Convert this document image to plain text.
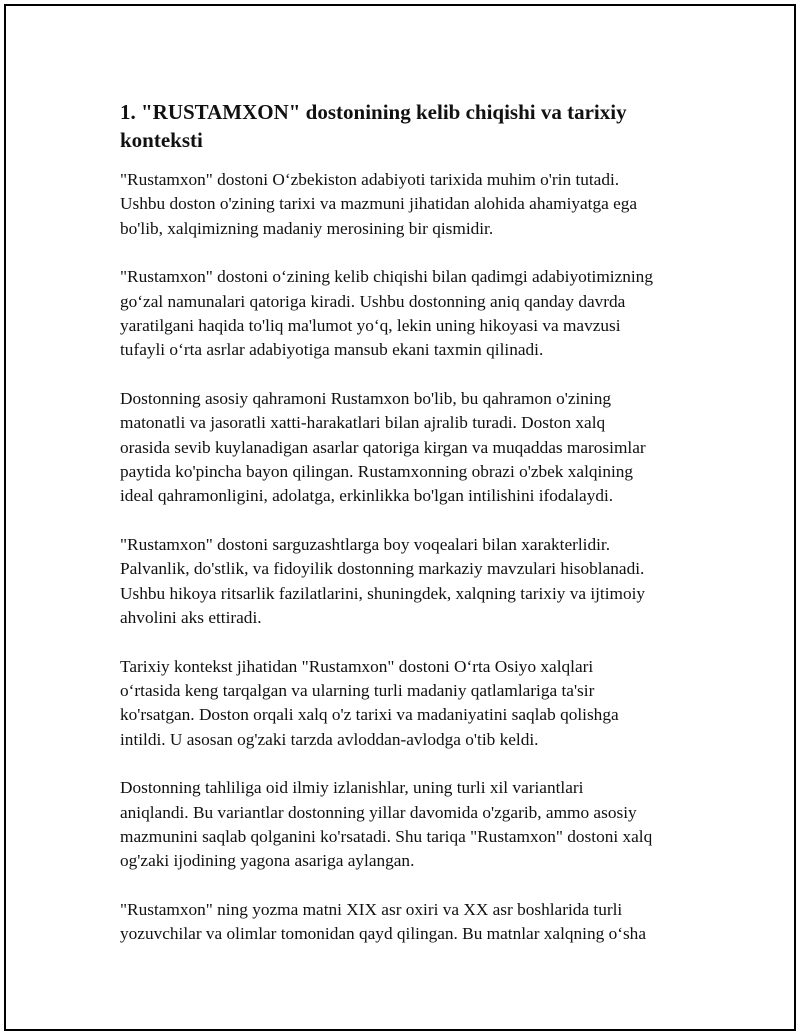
1. "RUSTAMXON" dostonining kelib chiqishi va tarixiy
konteksti

"Rustamxon" dostoni O‘zbekiston adabiyoti tarixida muhim o'rin tutadi.
Ushbu doston o'zining tarixi va mazmuni jihatidan alohida ahamiyatga ega
bo'lib, xalqimizning madaniy merosining bir qismidir.

"Rustamxon" dostoni o‘zining kelib chiqishi bilan qadimgi adabiyotimizning
go‘zal namunalari qatoriga kiradi. Ushbu dostonning aniq qanday davrda
yaratilgani haqida to'liq ma'lumot yo‘q, lekin uning hikoyasi va mavzusi
tufayli o‘rta asrlar adabiyotiga mansub ekani taxmin qilinadi.

Dostonning asosiy qahramoni Rustamxon bo'lib, bu qahramon o'zining
matonatli va jasoratli xatti-harakatlari bilan ajralib turadi. Doston xalq
orasida sevib kuylanadigan asarlar qatoriga kirgan va muqaddas marosimlar
paytida ko'pincha bayon qilingan. Rustamxonning obrazi o'zbek xalqining
ideal qahramonligini, adolatga, erkinlikka bo'lgan intilishini ifodalaydi.

"Rustamxon" dostoni sarguzashtlarga boy voqealari bilan xarakterlidir.
Palvanlik, do'stlik, va fidoyilik dostonning markaziy mavzulari hisoblanadi.
Ushbu hikoya ritsarlik fazilatlarini, shuningdek, xalqning tarixiy va ijtimoiy
ahvolini aks ettiradi.

Tarixiy kontekst jihatidan "Rustamxon" dostoni O‘rta Osiyo xalqlari
o‘rtasida keng tarqalgan va ularning turli madaniy qatlamlariga ta'sir
ko'rsatgan. Doston orqali xalq o'z tarixi va madaniyatini saqlab qolishga
intildi. U asosan og'zaki tarzda avloddan-avlodga o'tib keldi.

Dostonning tahliliga oid ilmiy izlanishlar, uning turli xil variantlari
aniqlandi. Bu variantlar dostonning yillar davomida o'zgarib, ammo asosiy
mazmunini saqlab qolganini ko'rsatadi. Shu tariqa "Rustamxon" dostoni xalq
og'zaki ijodining yagona asariga aylangan.

"Rustamxon" ning yozma matni XIX asr oxiri va XX asr boshlarida turli
yozuvchilar va olimlar tomonidan qayd qilingan. Bu matnlar xalqning o‘sha
